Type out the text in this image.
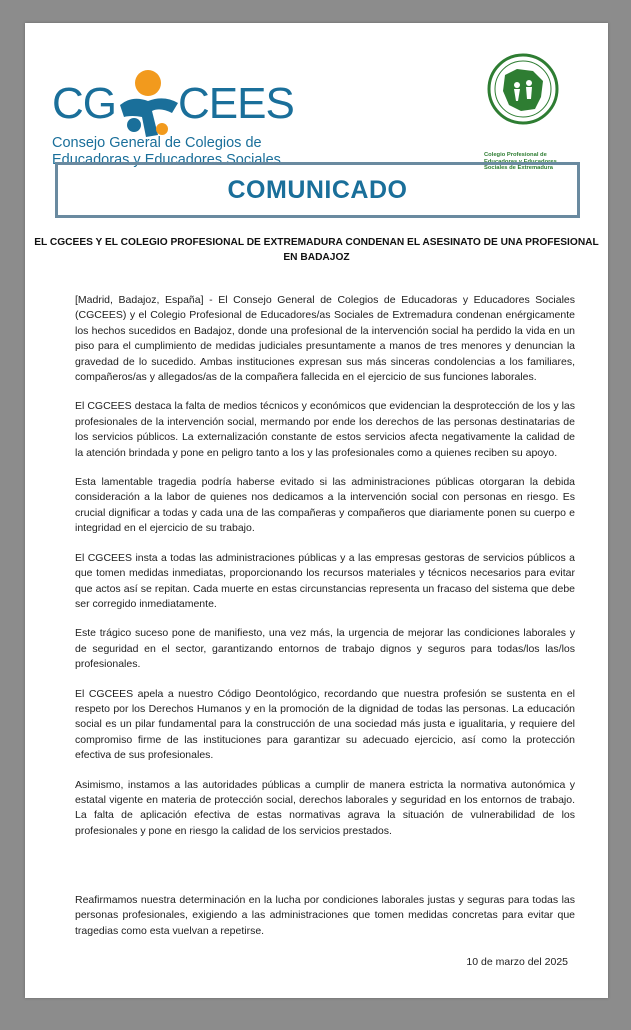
CG CEES
Consejo General de Colegios de
Educadoras y Educadores Sociales	Colegio Profesional de
Educadoras y Educadores
Sociales de Extremadura
COMUNICADO
EL CGCEES Y EL COLEGIO PROFESIONAL DE EXTREMADURA CONDENAN EL ASESINATO DE UNA PROFESIONAL
EN BADAJOZ

[Madrid, Badajoz, España] - El Consejo General de Colegios de Educadoras y Educadores Sociales (CGCEES) y el Colegio Profesional de Educadores/as Sociales de Extremadura condenan enérgicamente los hechos sucedidos en Badajoz, donde una profesional de la intervención social ha perdido la vida en un piso para el cumplimiento de medidas judiciales presuntamente a manos de tres menores y denuncian la gravedad de lo sucedido. Ambas instituciones expresan sus más sinceras condolencias a los familiares, compañeros/as y allegados/as de la compañera fallecida en el ejercicio de sus funciones laborales.

El CGCEES destaca la falta de medios técnicos y económicos que evidencian la desprotección de los y las profesionales de la intervención social, mermando por ende los derechos de las personas destinatarias de los servicios públicos. La externalización constante de estos servicios afecta negativamente la calidad de la atención brindada y pone en peligro tanto a los y las profesionales como a quienes reciben su apoyo.

Esta lamentable tragedia podría haberse evitado si las administraciones públicas otorgaran la debida consideración a la labor de quienes nos dedicamos a la intervención social con personas en riesgo. Es crucial dignificar a todas y cada una de las compañeras y compañeros que diariamente ponen su cuerpo e integridad en el ejercicio de su trabajo.

El CGCEES insta a todas las administraciones públicas y a las empresas gestoras de servicios públicos a que tomen medidas inmediatas, proporcionando los recursos materiales y técnicos necesarios para evitar que actos así se repitan. Cada muerte en estas circunstancias representa un fracaso del sistema que debe ser corregido inmediatamente.

Este trágico suceso pone de manifiesto, una vez más, la urgencia de mejorar las condiciones laborales y de seguridad en el sector, garantizando entornos de trabajo dignos y seguros para todas/los las/los profesionales.

El CGCEES apela a nuestro Código Deontológico, recordando que nuestra profesión se sustenta en el respeto por los Derechos Humanos y en la promoción de la dignidad de todas las personas. La educación social es un pilar fundamental para la construcción de una sociedad más justa e igualitaria, y requiere del compromiso firme de las instituciones para garantizar su adecuado ejercicio, así como la protección efectiva de sus profesionales.

Asimismo, instamos a las autoridades públicas a cumplir de manera estricta la normativa autonómica y estatal vigente en materia de protección social, derechos laborales y seguridad en los entornos de trabajo. La falta de aplicación efectiva de estas normativas agrava la situación de vulnerabilidad de los profesionales y pone en riesgo la calidad de los servicios prestados.

Reafirmamos nuestra determinación en la lucha por condiciones laborales justas y seguras para todas las personas profesionales, exigiendo a las administraciones que tomen medidas concretas para evitar que tragedias como esta vuelvan a repetirse.

10 de marzo del 2025
